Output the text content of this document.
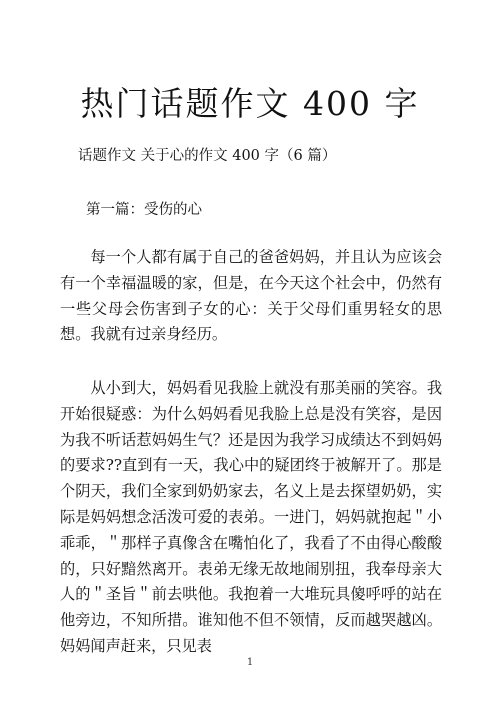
热门话题作文 400 字

话题作文 关于心的作文 400 字（6 篇）

第一篇：受伤的心

每一个人都有属于自己的爸爸妈妈，并且认为应该会有一个幸福温暖的家，但是，在今天这个社会中，仍然有一些父母会伤害到子女的心：关于父母们重男轻女的思想。我就有过亲身经历。

从小到大，妈妈看见我脸上就没有那美丽的笑容。我开始很疑惑：为什么妈妈看见我脸上总是没有笑容，是因为我不听话惹妈妈生气？还是因为我学习成绩达不到妈妈的要求??直到有一天，我心中的疑团终于被解开了。那是个阴天，我们全家到奶奶家去，名义上是去探望奶奶，实际是妈妈想念活泼可爱的表弟。一进门，妈妈就抱起＂小乖乖，＂那样子真像含在嘴怕化了，我看了不由得心酸酸的，只好黯然离开。表弟无缘无故地闹别扭，我奉母亲大人的＂圣旨＂前去哄他。我抱着一大堆玩具傻呼呼的站在他旁边，不知所措。谁知他不但不领情，反而越哭越凶。妈妈闻声赶来，只见表

1
